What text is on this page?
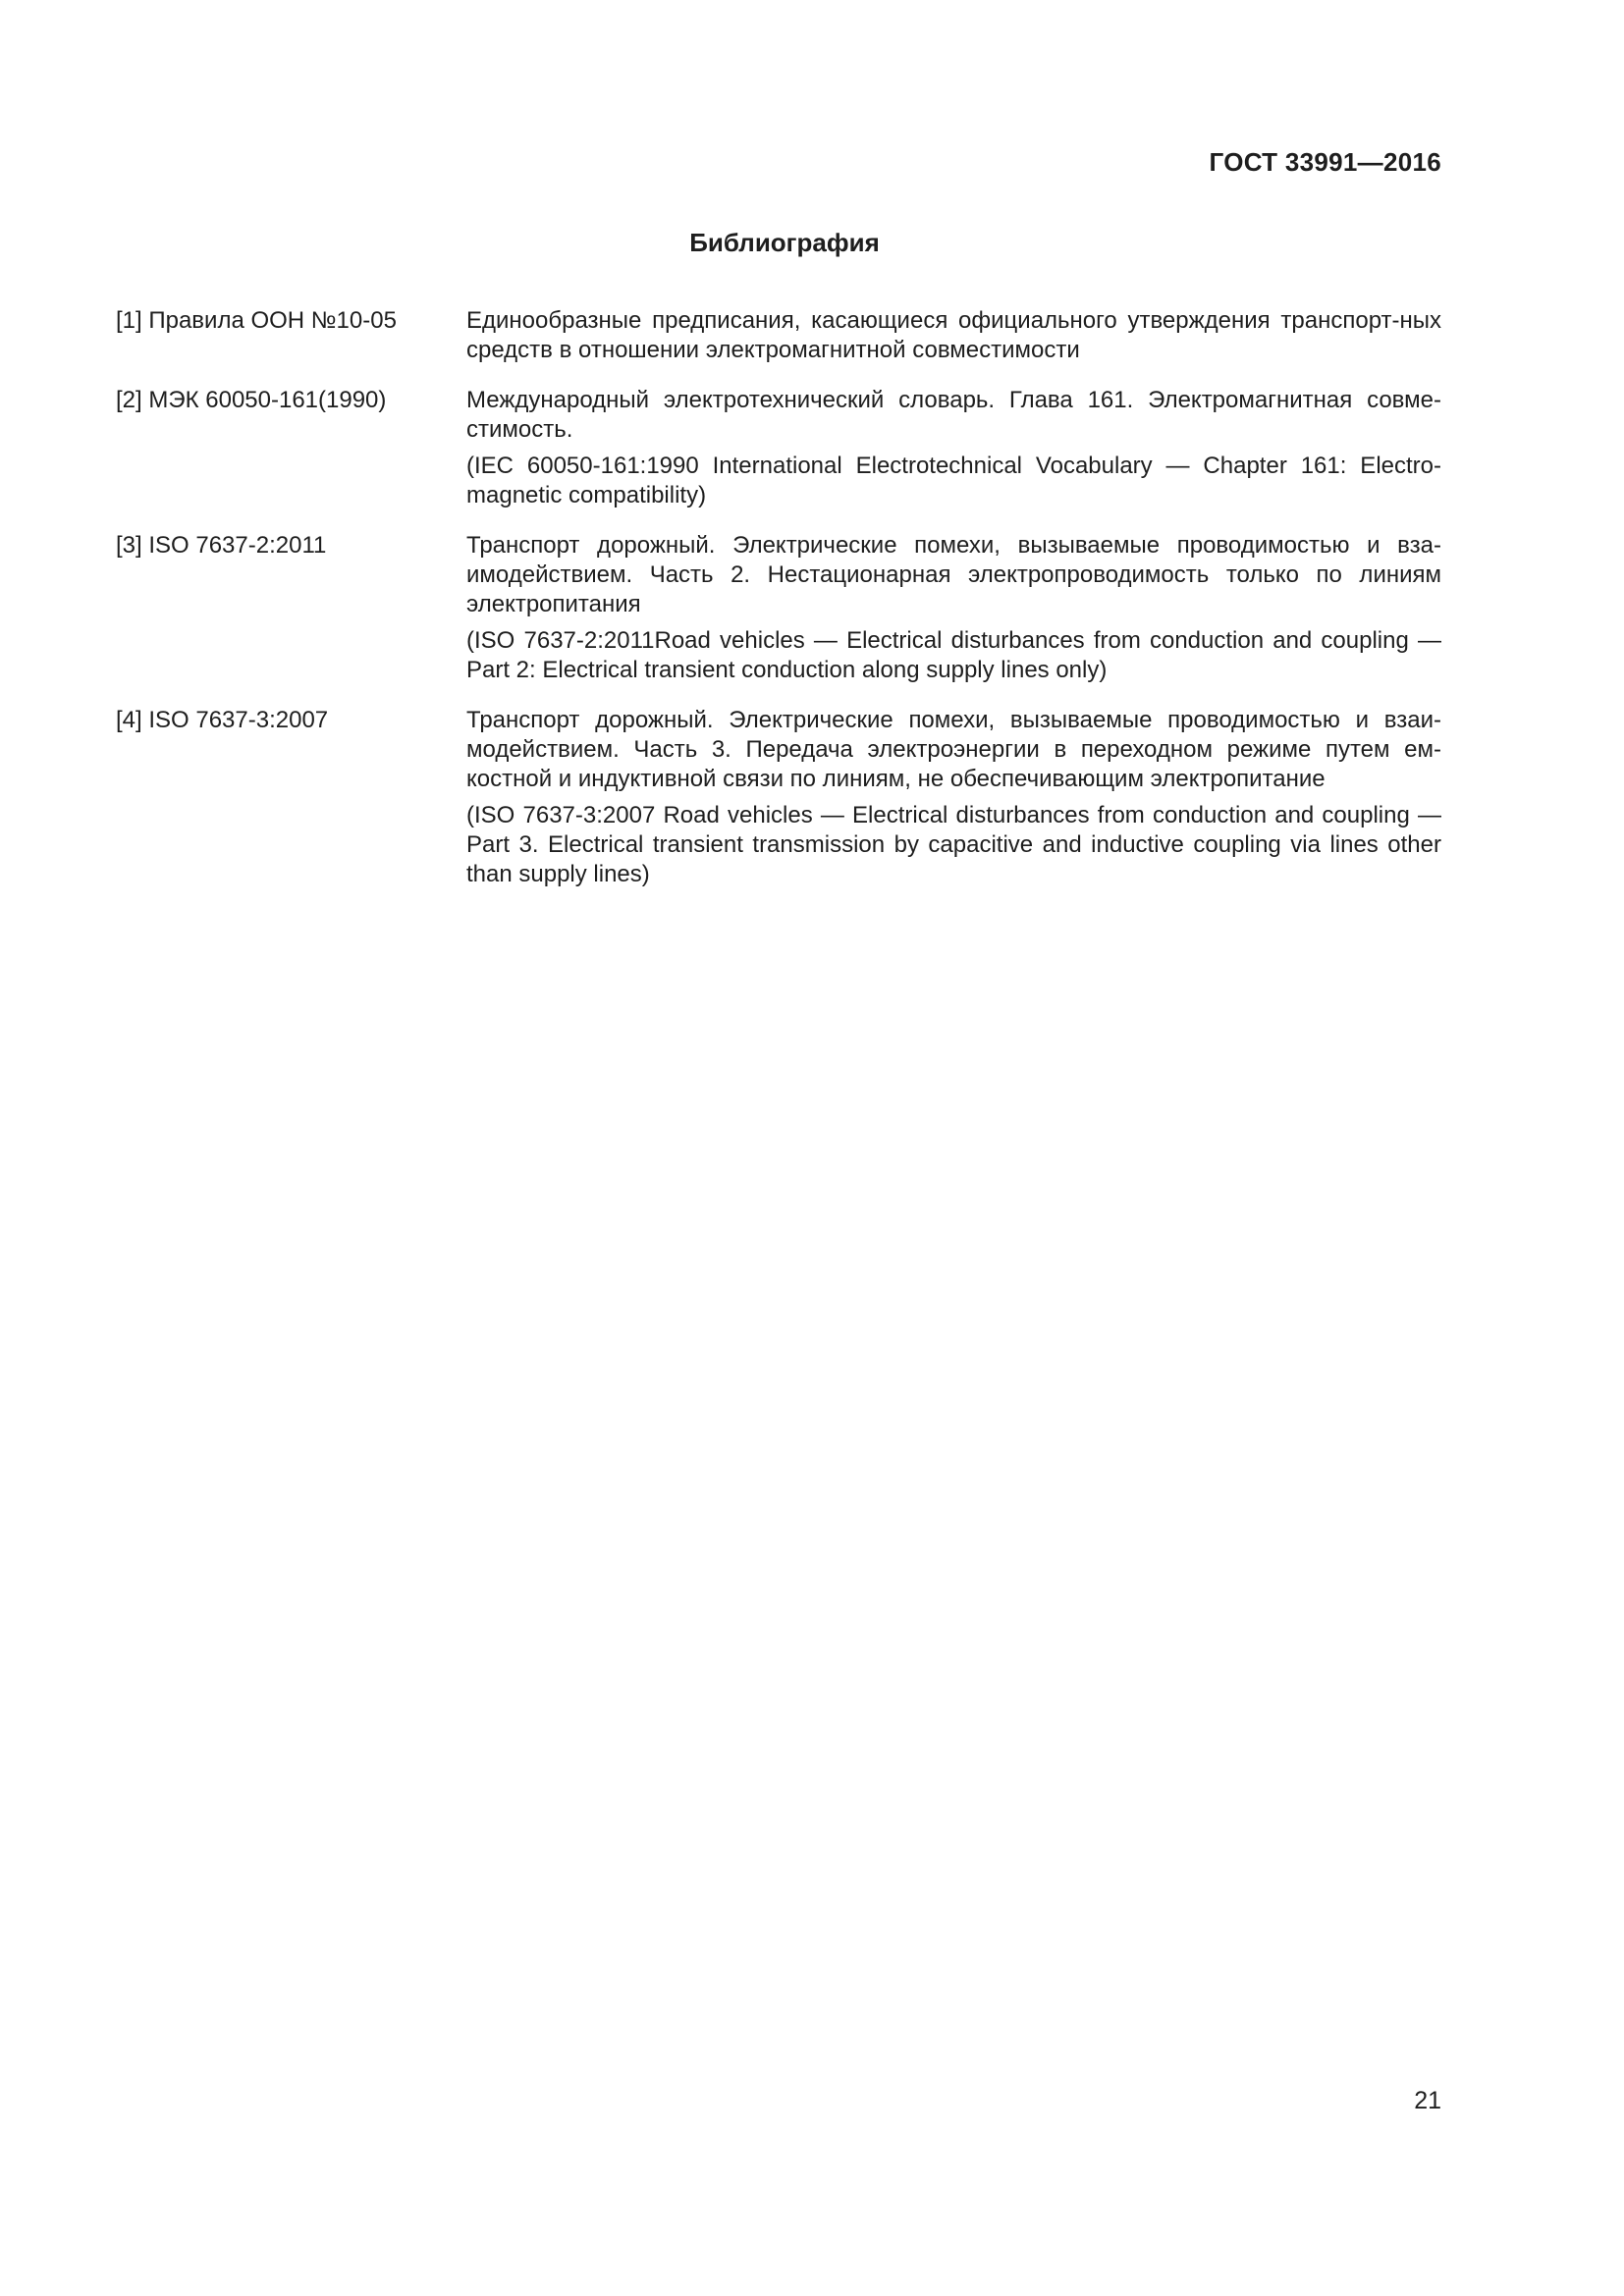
ГОСТ 33991—2016
Библиография
[1] Правила ООН №10-05	Единообразные предписания, касающиеся официального утверждения транспорт-ных средств в отношении электромагнитной совместимости

[2] МЭК 60050-161(1990)	Международный электротехнический словарь. Глава 161. Электромагнитная совме-стимость.

(IEC 60050-161:1990 International Electrotechnical Vocabulary — Chapter 161: Electro-magnetic compatibility)

[3] ISO 7637-2:2011	Транспорт дорожный. Электрические помехи, вызываемые проводимостью и вза-имодействием. Часть 2. Нестационарная электропроводимость только по линиям электропитания

(ISO 7637-2:2011Road vehicles — Electrical disturbances from conduction and coupling — Part 2: Electrical transient conduction along supply lines only)

[4] ISO 7637-3:2007	Транспорт дорожный. Электрические помехи, вызываемые проводимостью и взаи-модействием. Часть 3. Передача электроэнергии в переходном режиме путем ем-костной и индуктивной связи по линиям, не обеспечивающим электропитание

(ISO 7637-3:2007 Road vehicles — Electrical disturbances from conduction and coupling — Part 3. Electrical transient transmission by capacitive and inductive coupling via lines other than supply lines)

21
